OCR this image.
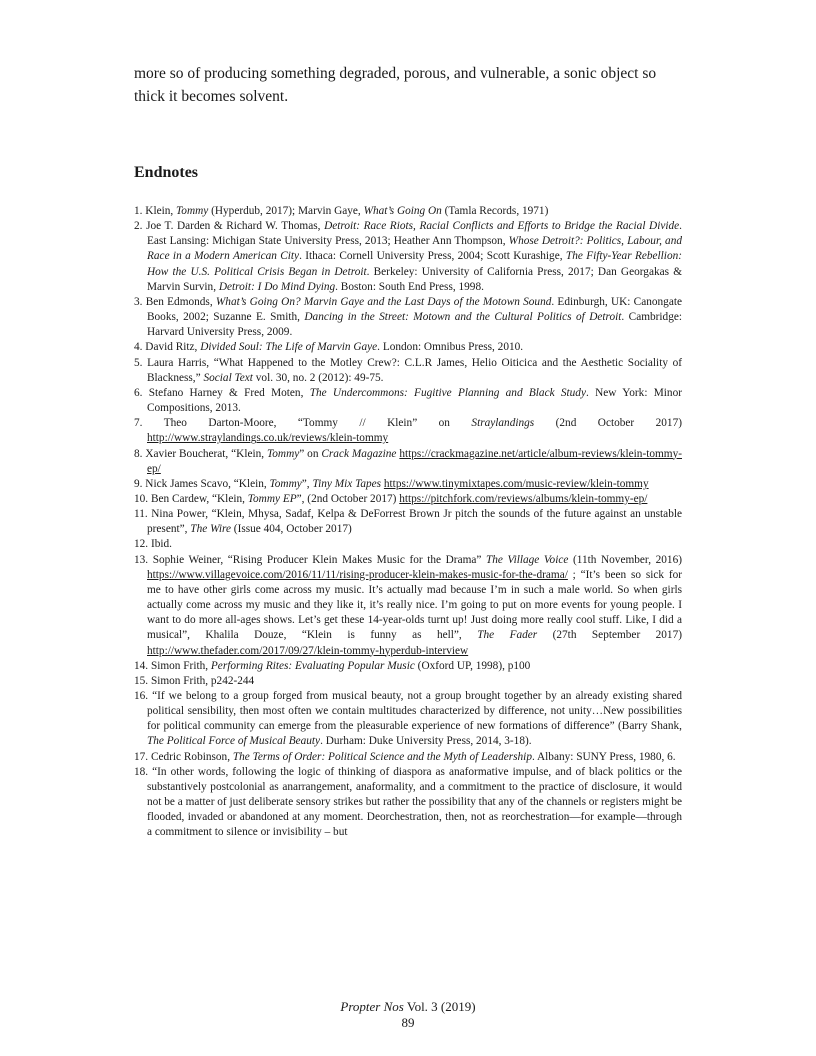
more so of producing something degraded, porous, and vulnerable, a sonic object so thick it becomes solvent.

Endnotes
1. Klein, Tommy (Hyperdub, 2017); Marvin Gaye, What’s Going On (Tamla Records, 1971)
2. Joe T. Darden & Richard W. Thomas, Detroit: Race Riots, Racial Conflicts and Efforts to Bridge the Racial Divide. East Lansing: Michigan State University Press, 2013; Heather Ann Thompson, Whose Detroit?: Politics, Labour, and Race in a Modern American City. Ithaca: Cornell University Press, 2004; Scott Kurashige, The Fifty-Year Rebellion: How the U.S. Political Crisis Began in Detroit. Berkeley: University of California Press, 2017; Dan Georgakas & Marvin Survin, Detroit: I Do Mind Dying. Boston: South End Press, 1998.
3. Ben Edmonds, What’s Going On? Marvin Gaye and the Last Days of the Motown Sound. Edinburgh, UK: Canongate Books, 2002; Suzanne E. Smith, Dancing in the Street: Motown and the Cultural Politics of Detroit. Cambridge: Harvard University Press, 2009.
4. David Ritz, Divided Soul: The Life of Marvin Gaye. London: Omnibus Press, 2010.
5. Laura Harris, “What Happened to the Motley Crew?: C.L.R James, Helio Oiticica and the Aesthetic Sociality of Blackness,” Social Text vol. 30, no. 2 (2012): 49-75.
6. Stefano Harney & Fred Moten, The Undercommons: Fugitive Planning and Black Study. New York: Minor Compositions, 2013.
7. Theo Darton-Moore, “Tommy // Klein” on Straylandings (2nd October 2017) http://www.straylandings.co.uk/reviews/klein-tommy
8. Xavier Boucherat, “Klein, Tommy” on Crack Magazine https://crackmagazine.net/article/album-reviews/klein-tommy-ep/
9. Nick James Scavo, “Klein, Tommy”, Tiny Mix Tapes https://www.tinymixtapes.com/music-review/klein-tommy
10. Ben Cardew, “Klein, Tommy EP”, (2nd October 2017) https://pitchfork.com/reviews/albums/klein-tommy-ep/
11. Nina Power, “Klein, Mhysa, Sadaf, Kelpa & DeForrest Brown Jr pitch the sounds of the future against an unstable present”, The Wire (Issue 404, October 2017)
12. Ibid.
13. Sophie Weiner, “Rising Producer Klein Makes Music for the Drama” The Village Voice (11th November, 2016) https://www.villagevoice.com/2016/11/11/rising-producer-klein-makes-music-for-the-drama/ ; “It’s been so sick for me to have other girls come across my music. It’s actually mad because I’m in such a male world. So when girls actually come across my music and they like it, it’s really nice. I’m going to put on more events for young people. I want to do more all-ages shows. Let’s get these 14-year-olds turnt up! Just doing more really cool stuff. Like, I did a musical”, Khalila Douze, “Klein is funny as hell”, The Fader (27th September 2017) http://www.thefader.com/2017/09/27/klein-tommy-hyperdub-interview
14. Simon Frith, Performing Rites: Evaluating Popular Music (Oxford UP, 1998), p100
15. Simon Frith, p242-244
16. “If we belong to a group forged from musical beauty, not a group brought together by an already existing shared political sensibility, then most often we contain multitudes characterized by difference, not unity…New possibilities for political community can emerge from the pleasurable experience of new formations of difference” (Barry Shank, The Political Force of Musical Beauty. Durham: Duke University Press, 2014, 3-18).
17. Cedric Robinson, The Terms of Order: Political Science and the Myth of Leadership. Albany: SUNY Press, 1980, 6.
18. “In other words, following the logic of thinking of diaspora as anaformative impulse, and of black politics or the substantively postcolonial as anarrangement, anaformality, and a commitment to the practice of disclosure, it would not be a matter of just deliberate sensory strikes but rather the possibility that any of the channels or registers might be flooded, invaded or abandoned at any moment. Deorchestration, then, not as reorchestration—for example—through a commitment to silence or invisibility – but
Propter Nos Vol. 3 (2019)
89
